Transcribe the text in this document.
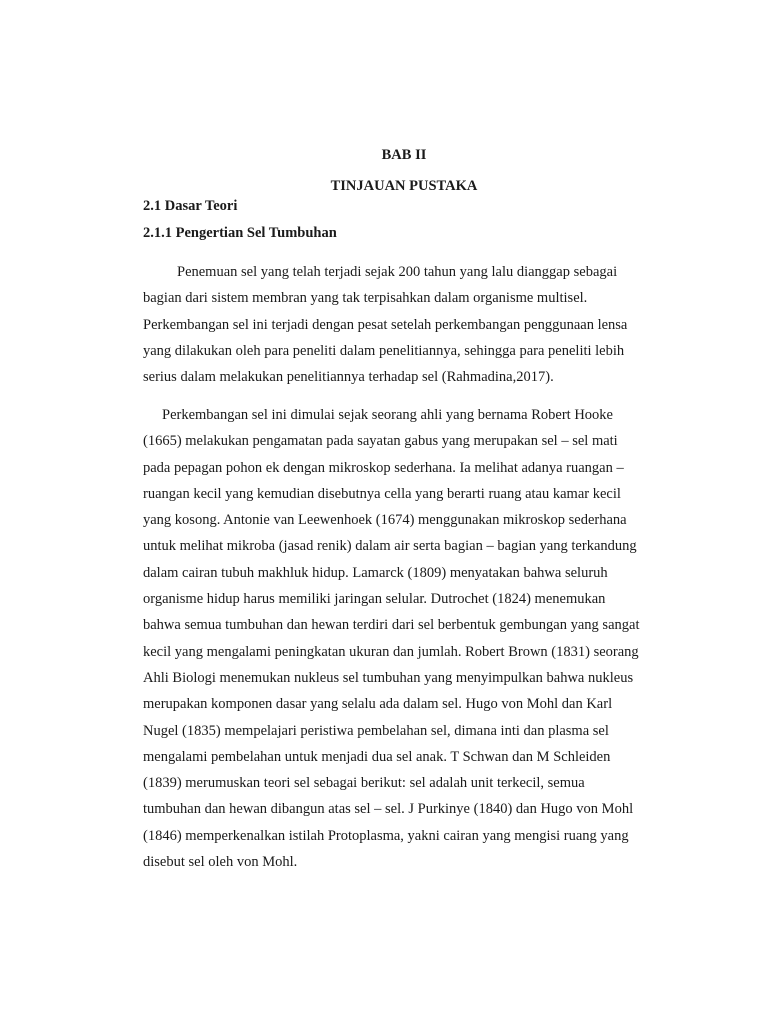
BAB II
TINJAUAN PUSTAKA
2.1 Dasar Teori
2.1.1 Pengertian Sel Tumbuhan

Penemuan sel yang telah terjadi sejak 200 tahun yang lalu dianggap sebagai
bagian dari sistem membran yang tak terpisahkan dalam organisme multisel.
Perkembangan sel ini terjadi dengan pesat setelah perkembangan penggunaan lensa
yang dilakukan oleh para peneliti dalam penelitiannya, sehingga para peneliti lebih
serius dalam melakukan penelitiannya terhadap sel (Rahmadina,2017).

Perkembangan sel ini dimulai sejak seorang ahli yang bernama Robert Hooke
(1665) melakukan pengamatan pada sayatan gabus yang merupakan sel – sel mati
pada pepagan pohon ek dengan mikroskop sederhana. Ia melihat adanya ruangan –
ruangan kecil yang kemudian disebutnya cella yang berarti ruang atau kamar kecil
yang kosong. Antonie van Leewenhoek (1674) menggunakan mikroskop sederhana
untuk melihat mikroba (jasad renik) dalam air serta bagian – bagian yang terkandung
dalam cairan tubuh makhluk hidup. Lamarck (1809) menyatakan bahwa seluruh
organisme hidup harus memiliki jaringan selular. Dutrochet (1824) menemukan
bahwa semua tumbuhan dan hewan terdiri dari sel berbentuk gembungan yang sangat
kecil yang mengalami peningkatan ukuran dan jumlah. Robert Brown (1831) seorang
Ahli Biologi menemukan nukleus sel tumbuhan yang menyimpulkan bahwa nukleus
merupakan komponen dasar yang selalu ada dalam sel. Hugo von Mohl dan Karl
Nugel (1835) mempelajari peristiwa pembelahan sel, dimana inti dan plasma sel
mengalami pembelahan untuk menjadi dua sel anak. T Schwan dan M Schleiden
(1839) merumuskan teori sel sebagai berikut: sel adalah unit terkecil, semua
tumbuhan dan hewan dibangun atas sel – sel. J Purkinye (1840) dan Hugo von Mohl
(1846) memperkenalkan istilah Protoplasma, yakni cairan yang mengisi ruang yang
disebut sel oleh von Mohl.
